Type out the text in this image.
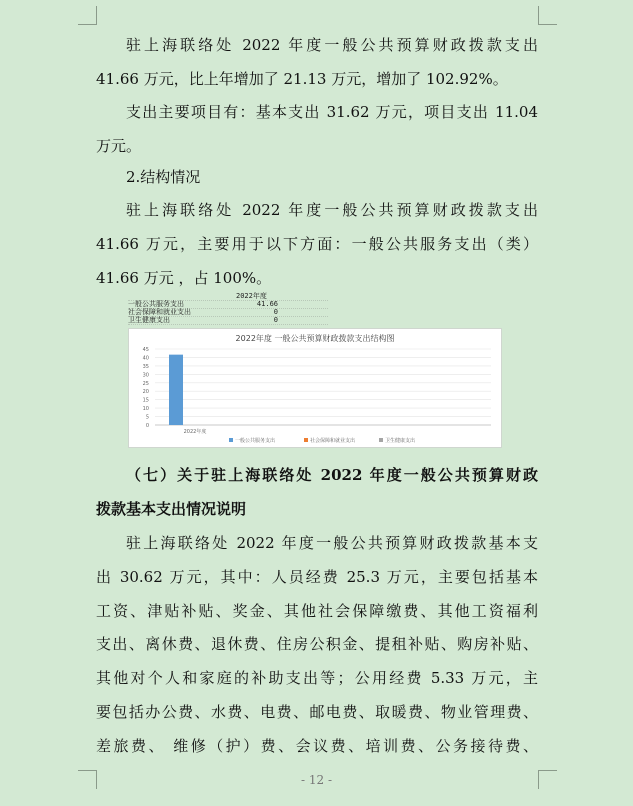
驻上海联络处 2022 年度一般公共预算财政拨款支出
41.66 万元，比上年增加了 21.13 万元，增加了 102.92%。
支出主要项目有：基本支出 31.62 万元，项目支出 11.04
万元。
2.结构情况
驻上海联络处 2022 年度一般公共预算财政拨款支出
41.66 万元，主要用于以下方面：一般公共服务支出（类）
41.66 万元 ，占 100%。
2022年度
一般公共服务支出	41.66
社会保障和就业支出	0
卫生健康支出	0
2022年度 一般公共预算财政拨款支出结构图
45
40
35
30
25
20
15
10
5
0
2022年度
一般公共服务支出	社会保障和就业支出	卫生健康支出
（七）关于驻上海联络处 2022 年度一般公共预算财政
拨款基本支出情况说明
驻上海联络处 2022 年度一般公共预算财政拨款基本支
出 30.62 万元，其中：人员经费 25.3 万元，主要包括基本
工资、津贴补贴、奖金、其他社会保障缴费、其他工资福利
支出、离休费、退休费、住房公积金、提租补贴、购房补贴、
其他对个人和家庭的补助支出等；公用经费 5.33 万元，主
要包括办公费、水费、电费、邮电费、取暖费、物业管理费、
差旅费、 维修（护）费、会议费、培训费、公务接待费、
- 12 -
